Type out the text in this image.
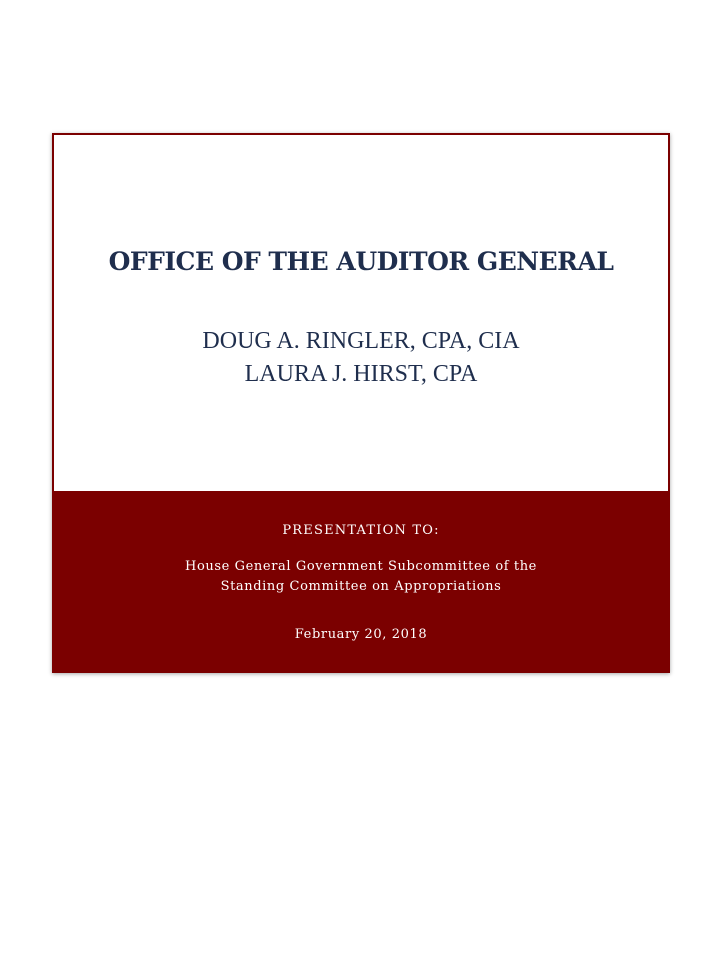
OFFICE OF THE AUDITOR GENERAL
DOUG A. RINGLER, CPA, CIA
LAURA J. HIRST, CPA
PRESENTATION TO:
House General Government Subcommittee of the
Standing Committee on Appropriations
February 20, 2018
